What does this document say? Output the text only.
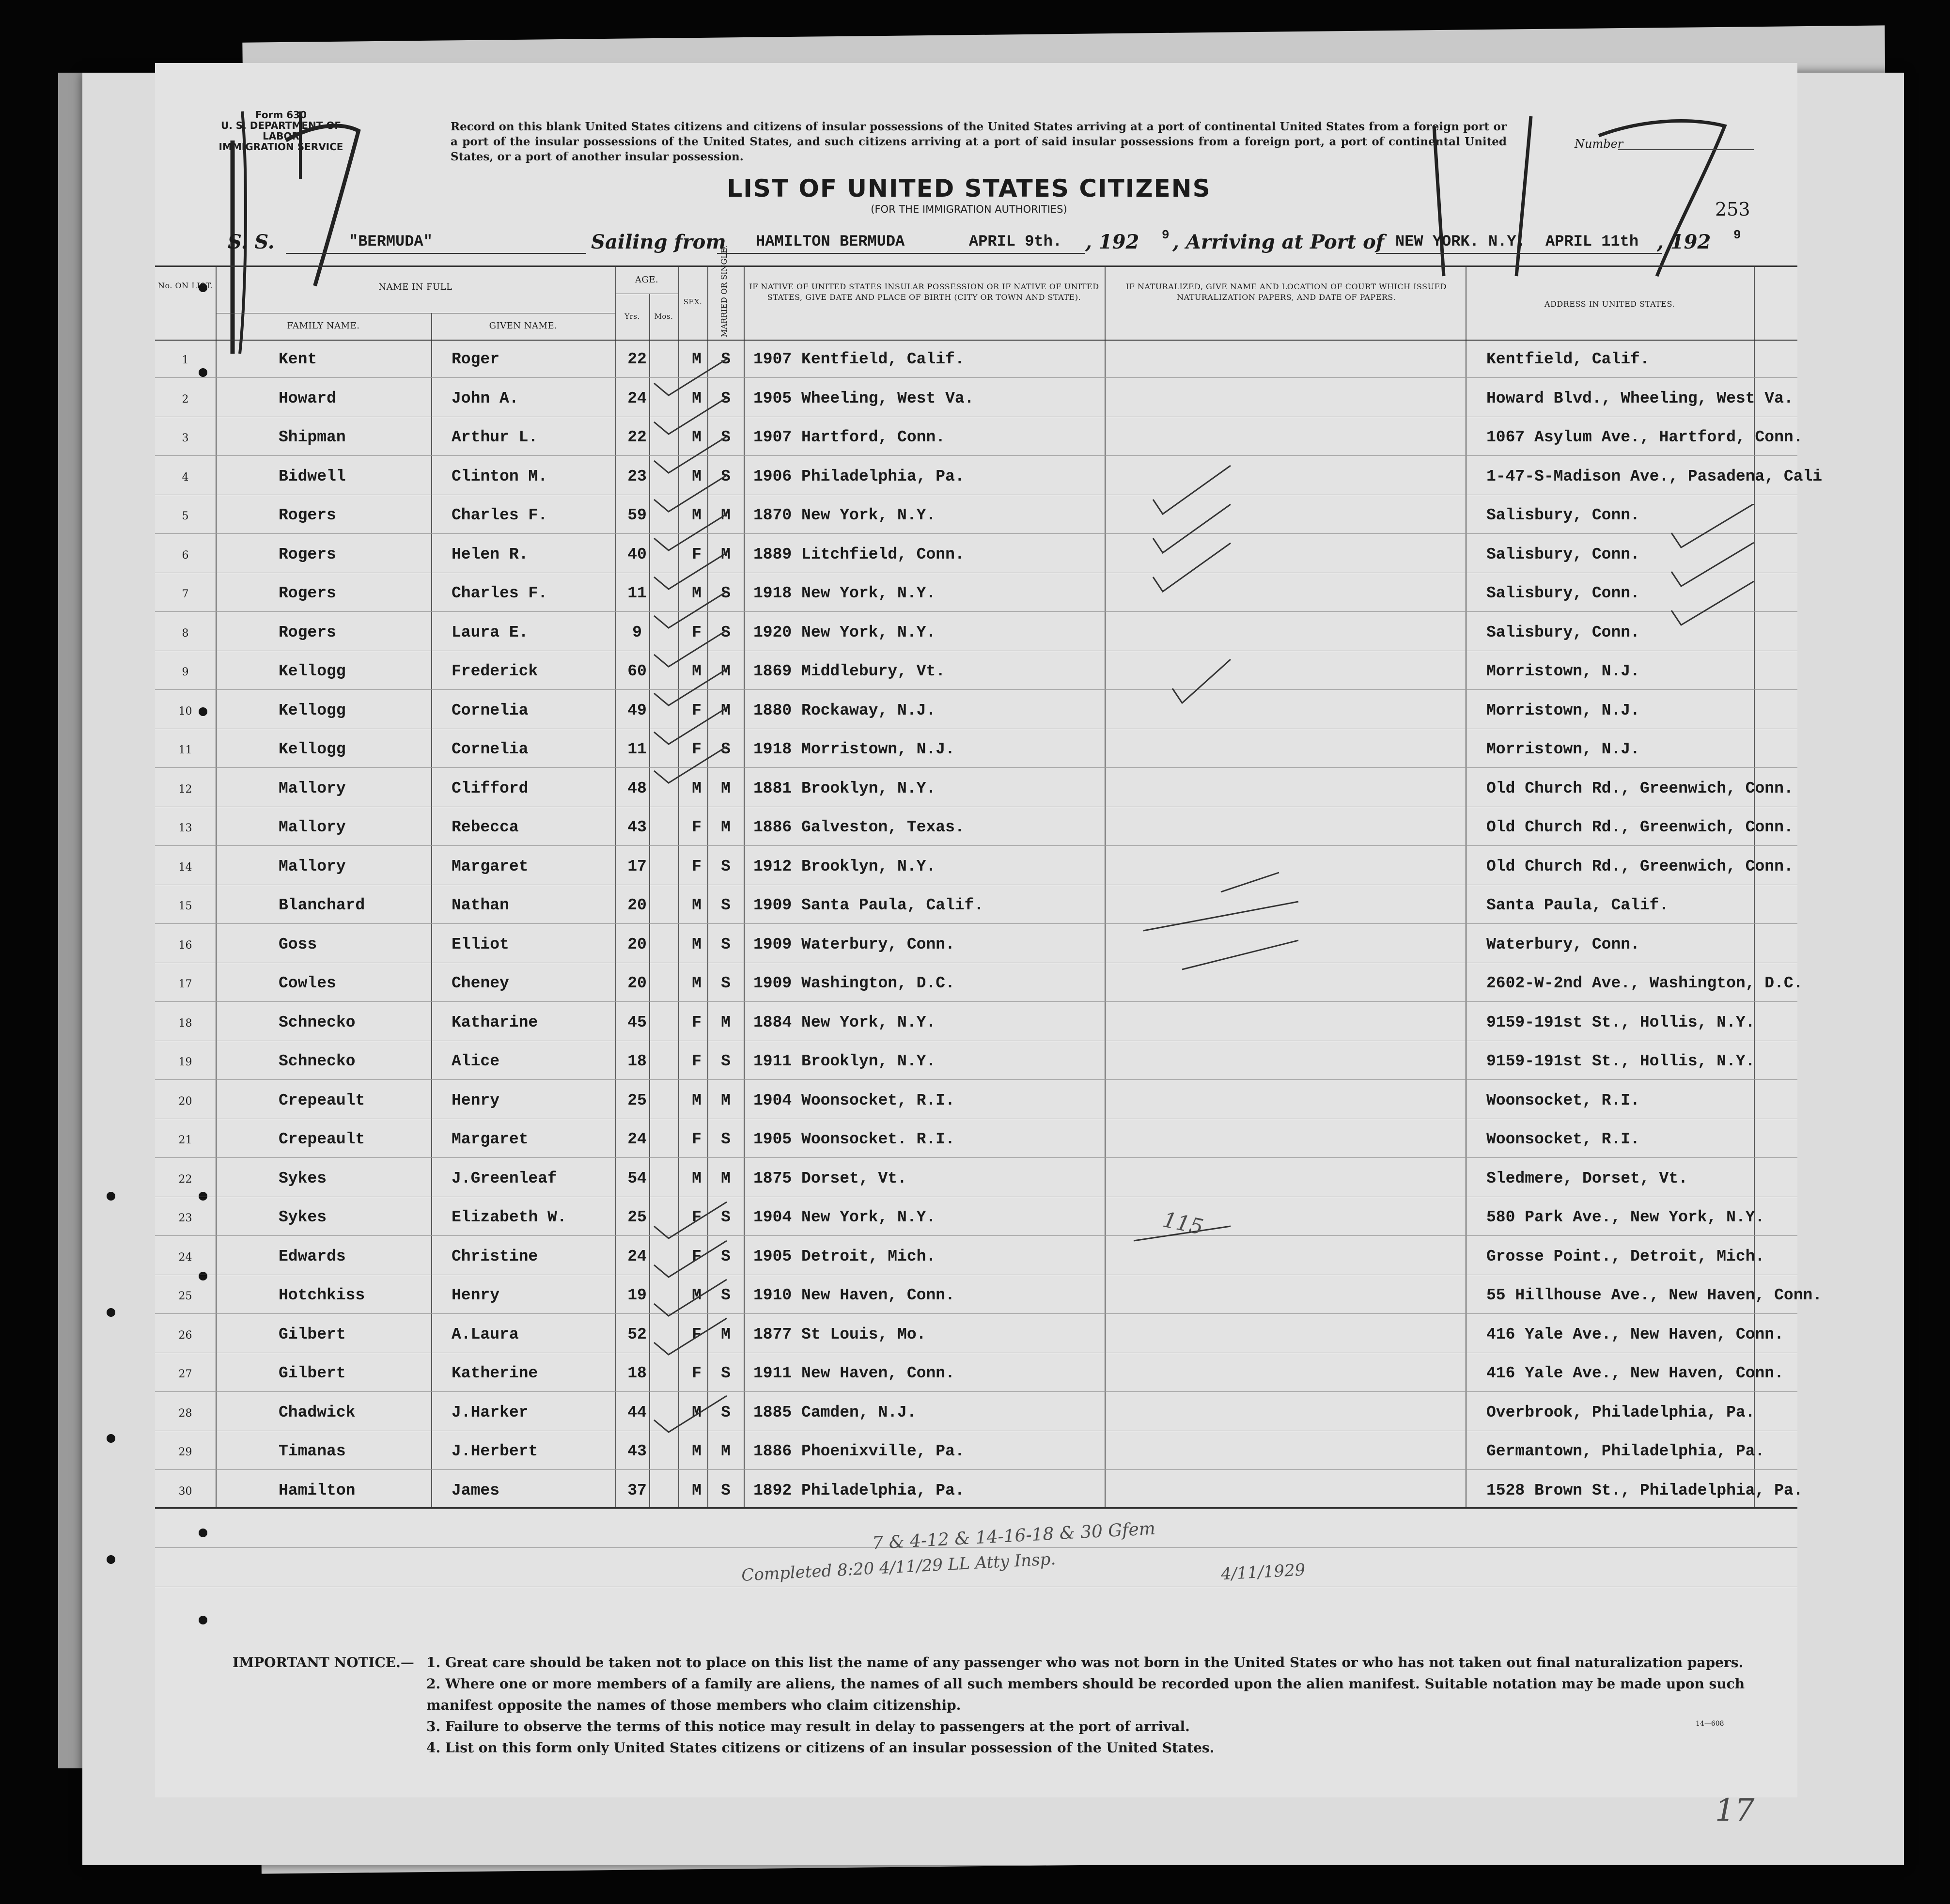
Form 630
U. S. DEPARTMENT OF LABOR
IMMIGRATION SERVICE
Record on this blank United States citizens and citizens of insular possessions of the United States arriving at a port of continental United States from a foreign port or a port of the insular possessions of the United States, and such citizens arriving at a port of said insular possessions from a foreign port, a port of continental United States, or a port of another insular possession.
Number
LIST OF UNITED STATES CITIZENS
(FOR THE IMMIGRATION AUTHORITIES)	253
S. S.	"BERMUDA"	Sailing from HAMILTON BERMUDA	APRIL 9th. , 192 9 , Arriving at Port of NEW YORK. N.Y. APRIL 11th , 192 9
No. ON LIST.	NAME IN FULL
FAMILY NAME.	GIVEN NAME.
AGE.
Yrs.	Mos.
SEX.	MARRIED OR SINGLE.	IF NATIVE OF UNITED STATES INSULAR POSSESSION OR IF NATIVE OF UNITED STATES, GIVE DATE AND PLACE OF BIRTH (CITY OR TOWN AND STATE).
IF NATURALIZED, GIVE NAME AND LOCATION OF COURT WHICH ISSUED NATURALIZATION PAPERS, AND DATE OF PAPERS.
ADDRESS IN UNITED STATES.
1	Kent	Roger	22	M	S	1907 Kentfield, Calif.	Kentfield, Calif.
2	Howard	John A.	24	M	S	1905 Wheeling, West Va.	Howard Blvd., Wheeling, West Va.
3	Shipman	Arthur L.	22	M	S	1907 Hartford, Conn.	1067 Asylum Ave., Hartford, Conn.
4	Bidwell	Clinton M.	23	M	S	1906 Philadelphia, Pa.	1-47-S-Madison Ave., Pasadena, Cali
5	Rogers	Charles F.	59	M	M	1870 New York, N.Y.	Salisbury, Conn.
6	Rogers	Helen R.	40	F	M	1889 Litchfield, Conn.	Salisbury, Conn.
7	Rogers	Charles F.	11	M	S	1918 New York, N.Y.	Salisbury, Conn.
8	Rogers	Laura E.	9	F	S	1920 New York, N.Y.	Salisbury, Conn.
9	Kellogg	Frederick	60	M	M	1869 Middlebury, Vt.	Morristown, N.J.
10	Kellogg	Cornelia	49	F	M	1880 Rockaway, N.J.	Morristown, N.J.
11	Kellogg	Cornelia	11	F	S	1918 Morristown, N.J.	Morristown, N.J.
12	Mallory	Clifford	48	M	M	1881 Brooklyn, N.Y.	Old Church Rd., Greenwich, Conn.
13	Mallory	Rebecca	43	F	M	1886 Galveston, Texas.	Old Church Rd., Greenwich, Conn.
14	Mallory	Margaret	17	F	S	1912 Brooklyn, N.Y.	Old Church Rd., Greenwich, Conn.
15	Blanchard	Nathan	20	M	S	1909 Santa Paula, Calif.	Santa Paula, Calif.
16	Goss	Elliot	20	M	S	1909 Waterbury, Conn.	Waterbury, Conn.
17	Cowles	Cheney	20	M	S	1909 Washington, D.C.	2602-W-2nd Ave., Washington, D.C.
18	Schnecko	Katharine	45	F	M	1884 New York, N.Y.	9159-191st St., Hollis, N.Y.
19	Schnecko	Alice	18	F	S	1911 Brooklyn, N.Y.	9159-191st St., Hollis, N.Y.
20	Crepeault	Henry	25	M	M	1904 Woonsocket, R.I.	Woonsocket, R.I.
21	Crepeault	Margaret	24	F	S	1905 Woonsocket. R.I.	Woonsocket, R.I.
22	Sykes	J.Greenleaf	54	M	M	1875 Dorset, Vt.	Sledmere, Dorset, Vt.
23	Sykes	Elizabeth W.	25	F	S	1904 New York, N.Y.	580 Park Ave., New York, N.Y.
24	Edwards	Christine	24	F	S	1905 Detroit, Mich.	Grosse Point., Detroit, Mich.
25	Hotchkiss	Henry	19	M	S	1910 New Haven, Conn.	55 Hillhouse Ave., New Haven, Conn.
26	Gilbert	A.Laura	52	F	M	1877 St Louis, Mo.	416 Yale Ave., New Haven, Conn.
27	Gilbert	Katherine	18	F	S	1911 New Haven, Conn.	416 Yale Ave., New Haven, Conn.
28	Chadwick	J.Harker	44	M	S	1885 Camden, N.J.	Overbrook, Philadelphia, Pa.
29	Timanas	J.Herbert	43	M	M	1886 Phoenixville, Pa.	Germantown, Philadelphia, Pa.
30	Hamilton	James	37	M	S	1892 Philadelphia, Pa.	1528 Brown St., Philadelphia, Pa.
115
7 & 4-12 & 14-16-18 & 30 Gfem
Completed 8:20 4/11/29 LL Atty Insp.	4/11/1929
17
IMPORTANT NOTICE.— 1. Great care should be taken not to place on this list the name of any passenger who was not born in the United States or who has not taken out final naturalization papers.
2. Where one or more members of a family are aliens, the names of all such members should be recorded upon the alien manifest. Suitable notation may be made upon such manifest opposite the names of those members who claim citizenship.
3. Failure to observe the terms of this notice may result in delay to passengers at the port of arrival.
4. List on this form only United States citizens or citizens of an insular possession of the United States.
14—608
